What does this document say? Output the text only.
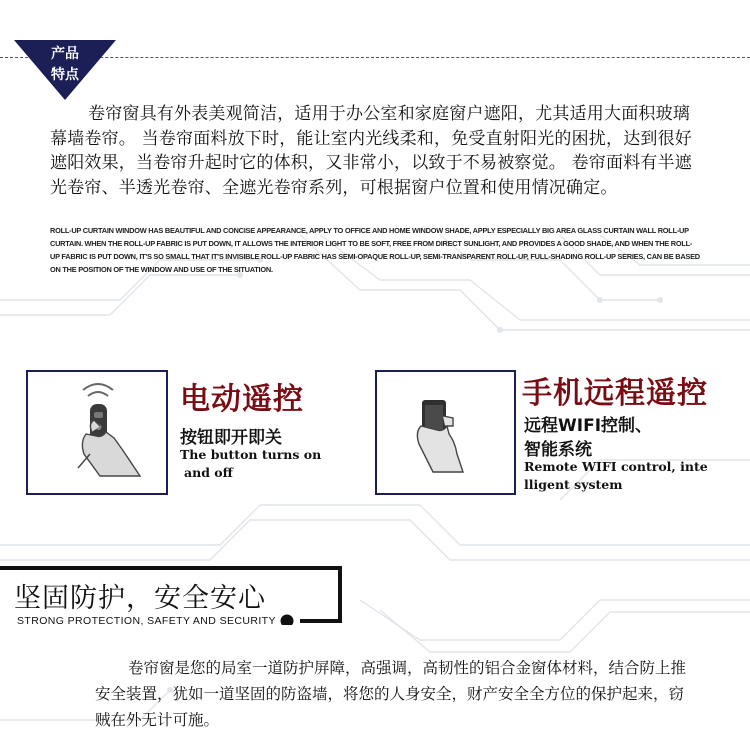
产品
特点
卷帘窗具有外表美观简洁，适用于办公室和家庭窗户遮阳，尤其适用大面积玻璃幕墙卷帘。 当卷帘面料放下时，能让室内光线柔和，免受直射阳光的困扰，达到很好遮阳效果，当卷帘升起时它的体积，又非常小，以致于不易被察觉。 卷帘面料有半遮光卷帘、半透光卷帘、全遮光卷帘系列，可根据窗户位置和使用情况确定。
ROLL-UP CURTAIN WINDOW HAS BEAUTIFUL AND CONCISE APPEARANCE, APPLY TO OFFICE AND HOME WINDOW SHADE, APPLY ESPECIALLY BIG AREA GLASS CURTAIN WALL ROLL-UP CURTAIN. WHEN THE ROLL-UP FABRIC IS PUT DOWN, IT ALLOWS THE INTERIOR LIGHT TO BE SOFT, FREE FROM DIRECT SUNLIGHT, AND PROVIDES A GOOD SHADE, AND WHEN THE ROLL-UP FABRIC IS PUT DOWN, IT'S SO SMALL THAT IT'S INVISIBLE ROLL-UP FABRIC HAS SEMI-OPAQUE ROLL-UP, SEMI-TRANSPARENT ROLL-UP, FULL-SHADING ROLL-UP SERIES, CAN BE BASED ON THE POSITION OF THE WINDOW AND USE OF THE SITUATION.
电动遥控
按钮即开即关
The button turns on
and off
手机远程遥控
远程WIFI控制、
智能系统
Remote WIFI control, inte
lligent system
坚固防护，安全安心
STRONG PROTECTION, SAFETY AND SECURITY
卷帘窗是您的局室一道防护屏障，高强调，高韧性的铝合金窗体材料，结合防上推安全装置，犹如一道坚固的防盗墙，将您的人身安全，财产安全全方位的保护起来，窃贼在外无计可施。
